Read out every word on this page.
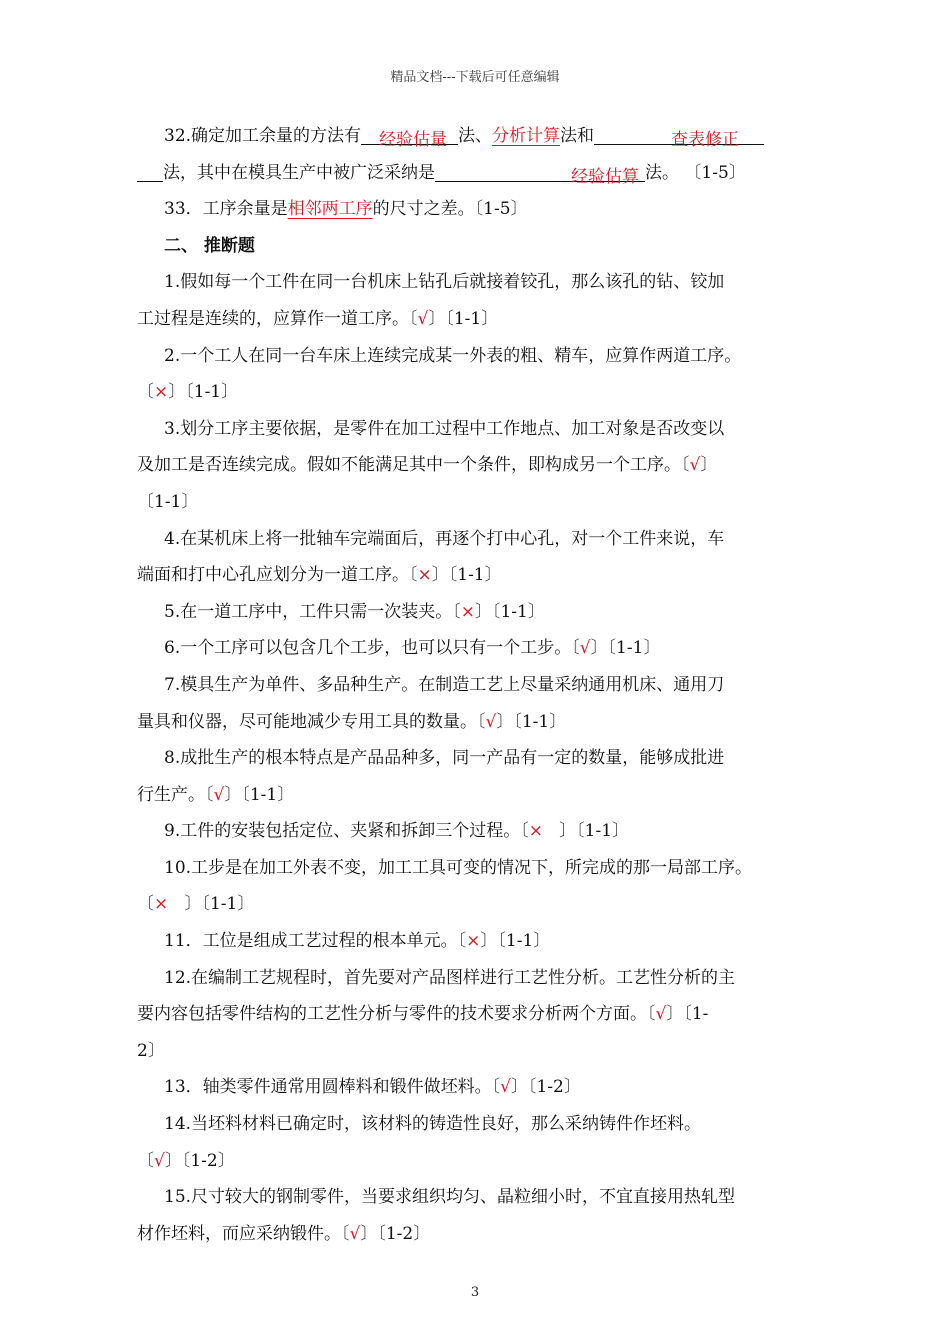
精品文档---下载后可任意编辑

32.确定加工余量的方法有 经验估量 法、分析计算法和	查表修正

法，其中在模具生产中被广泛采纳是	经验估算 法。 〔1-5〕

33．工序余量是相邻两工序的尺寸之差。〔1-5〕

二、 推断题

1.假如每一个工件在同一台机床上钻孔后就接着铰孔，那么该孔的钻、铰加

工过程是连续的，应算作一道工序。〔√〕〔1-1〕

2.一个工人在同一台车床上连续完成某一外表的粗、精车，应算作两道工序。

〔×〕〔1-1〕

3.划分工序主要依据，是零件在加工过程中工作地点、加工对象是否改变以

及加工是否连续完成。假如不能满足其中一个条件，即构成另一个工序。〔√〕

〔1-1〕

4.在某机床上将一批轴车完端面后，再逐个打中心孔，对一个工件来说，车

端面和打中心孔应划分为一道工序。〔×〕〔1-1〕

5.在一道工序中，工件只需一次装夹。〔×〕〔1-1〕

6.一个工序可以包含几个工步，也可以只有一个工步。〔√〕〔1-1〕

7.模具生产为单件、多品种生产。在制造工艺上尽量采纳通用机床、通用刀

量具和仪器，尽可能地减少专用工具的数量。〔√〕〔1-1〕

8.成批生产的根本特点是产品品种多，同一产品有一定的数量，能够成批进

行生产。〔√〕〔1-1〕

9.工件的安装包括定位、夹紧和拆卸三个过程。〔×   〕〔1-1〕

10.工步是在加工外表不变，加工工具可变的情况下，所完成的那一局部工序。

〔×   〕〔1-1〕

11．工位是组成工艺过程的根本单元。〔×〕〔1-1〕

12.在编制工艺规程时，首先要对产品图样进行工艺性分析。工艺性分析的主

要内容包括零件结构的工艺性分析与零件的技术要求分析两个方面。〔√〕〔1-

2〕

13．轴类零件通常用圆棒料和锻件做坯料。〔√〕〔1-2〕

14.当坯料材料已确定时，该材料的铸造性良好，那么采纳铸件作坯料。

〔√〕〔1-2〕

15.尺寸较大的钢制零件，当要求组织均匀、晶粒细小时，不宜直接用热轧型

材作坯料，而应采纳锻件。〔√〕〔1-2〕

3
